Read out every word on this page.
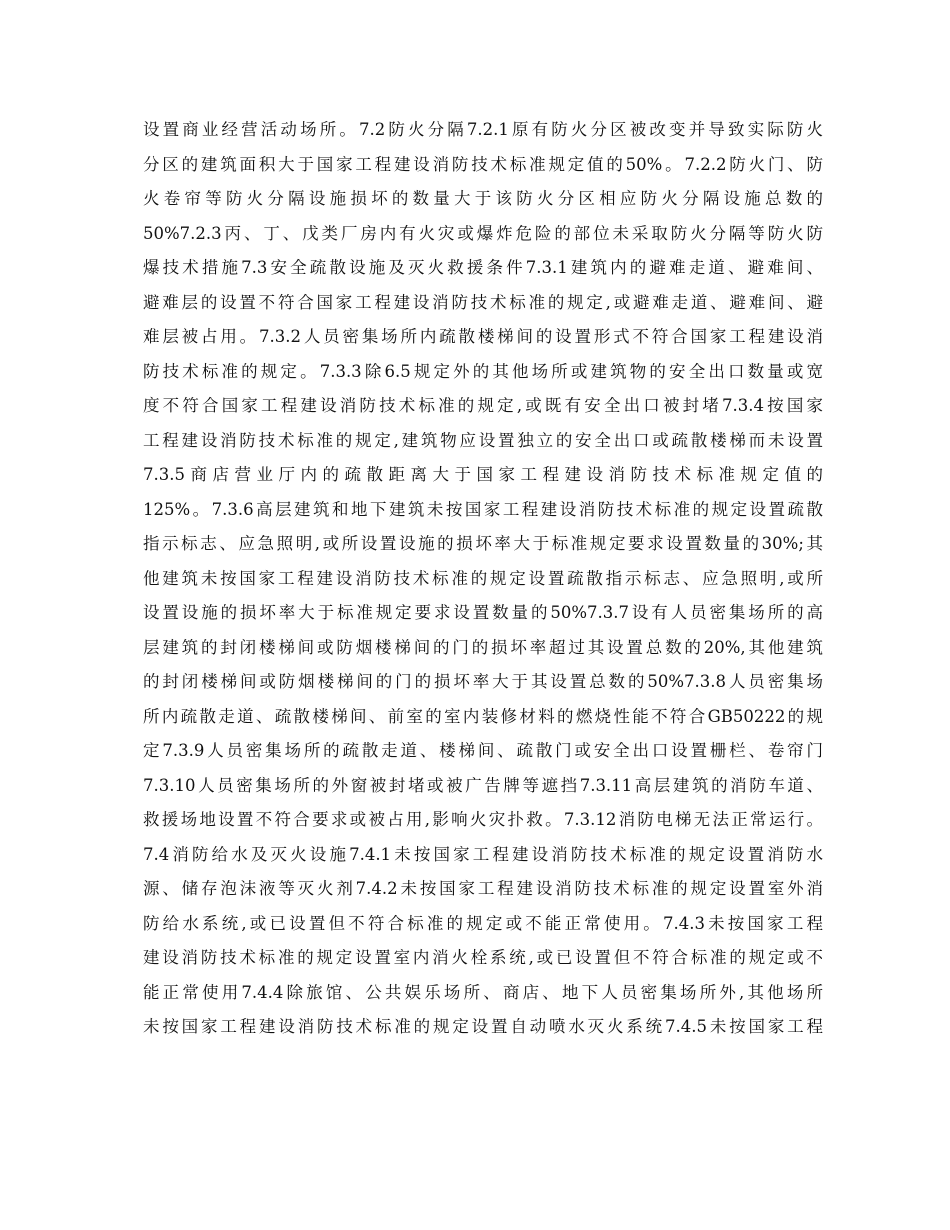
设置商业经营活动场所。7.2防火分隔7.2.1原有防火分区被改变并导致实际防火
分区的建筑面积大于国家工程建设消防技术标准规定值的50%。7.2.2防火门、防
火卷帘等防火分隔设施损坏的数量大于该防火分区相应防火分隔设施总数的
50%7.2.3丙、丁、戊类厂房内有火灾或爆炸危险的部位未采取防火分隔等防火防
爆技术措施7.3安全疏散设施及灭火救援条件7.3.1建筑内的避难走道、避难间、
避难层的设置不符合国家工程建设消防技术标准的规定,或避难走道、避难间、避
难层被占用。7.3.2人员密集场所内疏散楼梯间的设置形式不符合国家工程建设消
防技术标准的规定。7.3.3除6.5规定外的其他场所或建筑物的安全出口数量或宽
度不符合国家工程建设消防技术标准的规定,或既有安全出口被封堵7.3.4按国家
工程建设消防技术标准的规定,建筑物应设置独立的安全出口或疏散楼梯而未设置
7.3.5商店营业厅内的疏散距离大于国家工程建设消防技术标准规定值的
125%。7.3.6高层建筑和地下建筑未按国家工程建设消防技术标准的规定设置疏散
指示标志、应急照明,或所设置设施的损坏率大于标准规定要求设置数量的30%;其
他建筑未按国家工程建设消防技术标准的规定设置疏散指示标志、应急照明,或所
设置设施的损坏率大于标准规定要求设置数量的50%7.3.7设有人员密集场所的高
层建筑的封闭楼梯间或防烟楼梯间的门的损坏率超过其设置总数的20%,其他建筑
的封闭楼梯间或防烟楼梯间的门的损坏率大于其设置总数的50%7.3.8人员密集场
所内疏散走道、疏散楼梯间、前室的室内装修材料的燃烧性能不符合GB50222的规
定7.3.9人员密集场所的疏散走道、楼梯间、疏散门或安全出口设置栅栏、卷帘门
7.3.10人员密集场所的外窗被封堵或被广告牌等遮挡7.3.11高层建筑的消防车道、
救援场地设置不符合要求或被占用,影响火灾扑救。7.3.12消防电梯无法正常运行。
7.4消防给水及灭火设施7.4.1未按国家工程建设消防技术标准的规定设置消防水
源、储存泡沫液等灭火剂7.4.2未按国家工程建设消防技术标准的规定设置室外消
防给水系统,或已设置但不符合标准的规定或不能正常使用。7.4.3未按国家工程
建设消防技术标准的规定设置室内消火栓系统,或已设置但不符合标准的规定或不
能正常使用7.4.4除旅馆、公共娱乐场所、商店、地下人员密集场所外,其他场所
未按国家工程建设消防技术标准的规定设置自动喷水灭火系统7.4.5未按国家工程
